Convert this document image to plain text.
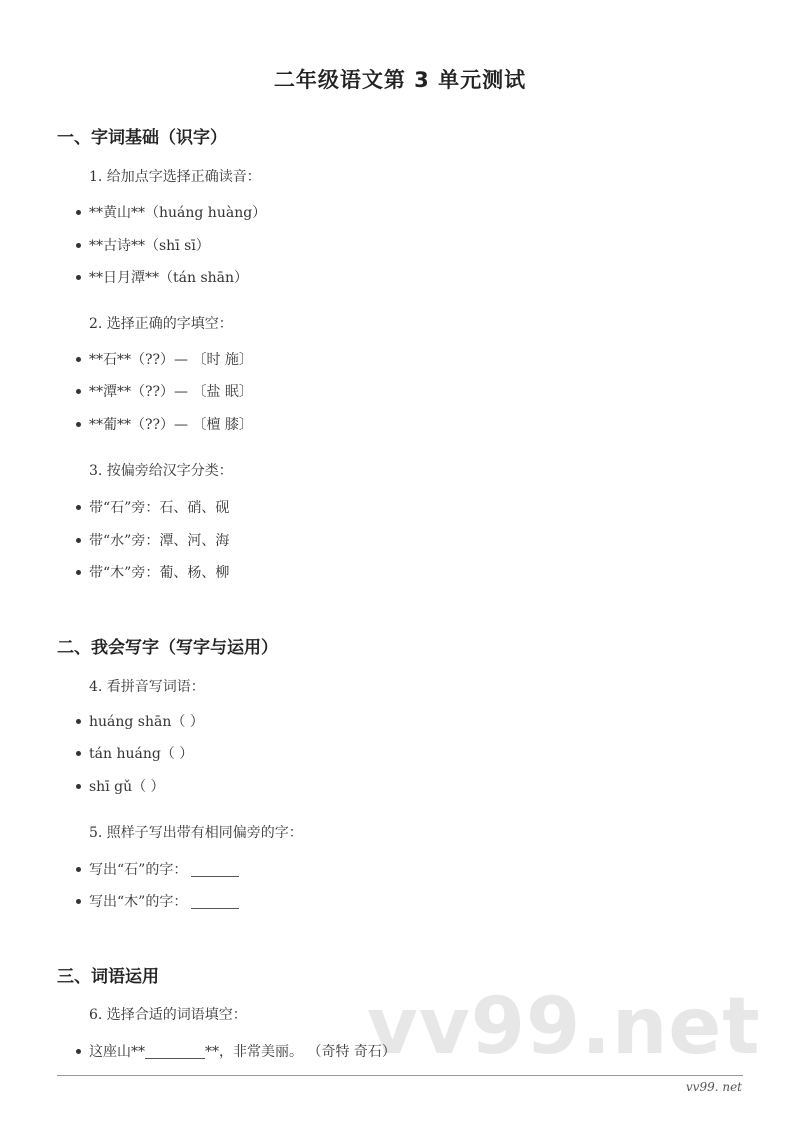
vv99.net
二年级语文第 3 单元测试
一、字词基础（识字）
1. 给加点字选择正确读音：
**黄山**（huáng huàng）
**古诗**（shī sī）
**日月潭**（tán shān）
2. 选择正确的字填空：
**石**（??）— 〔时 施〕
**潭**（??）— 〔盐 眠〕
**葡**（??）— 〔檀 膝〕
3. 按偏旁给汉字分类：
带“石”旁：石、硝、砚
带“水”旁：潭、河、海
带“木”旁：葡、杨、柳
二、我会写字（写字与运用）
4. 看拼音写词语：
huáng shān（ ）
tán huáng（ ）
shī gǔ（ ）
5. 照样子写出带有相同偏旁的字：
写出“石”的字：
写出“木”的字：
三、词语运用
6. 选择合适的词语填空：
这座山**	**，非常美丽。 （奇特 奇石）
vv99. net
